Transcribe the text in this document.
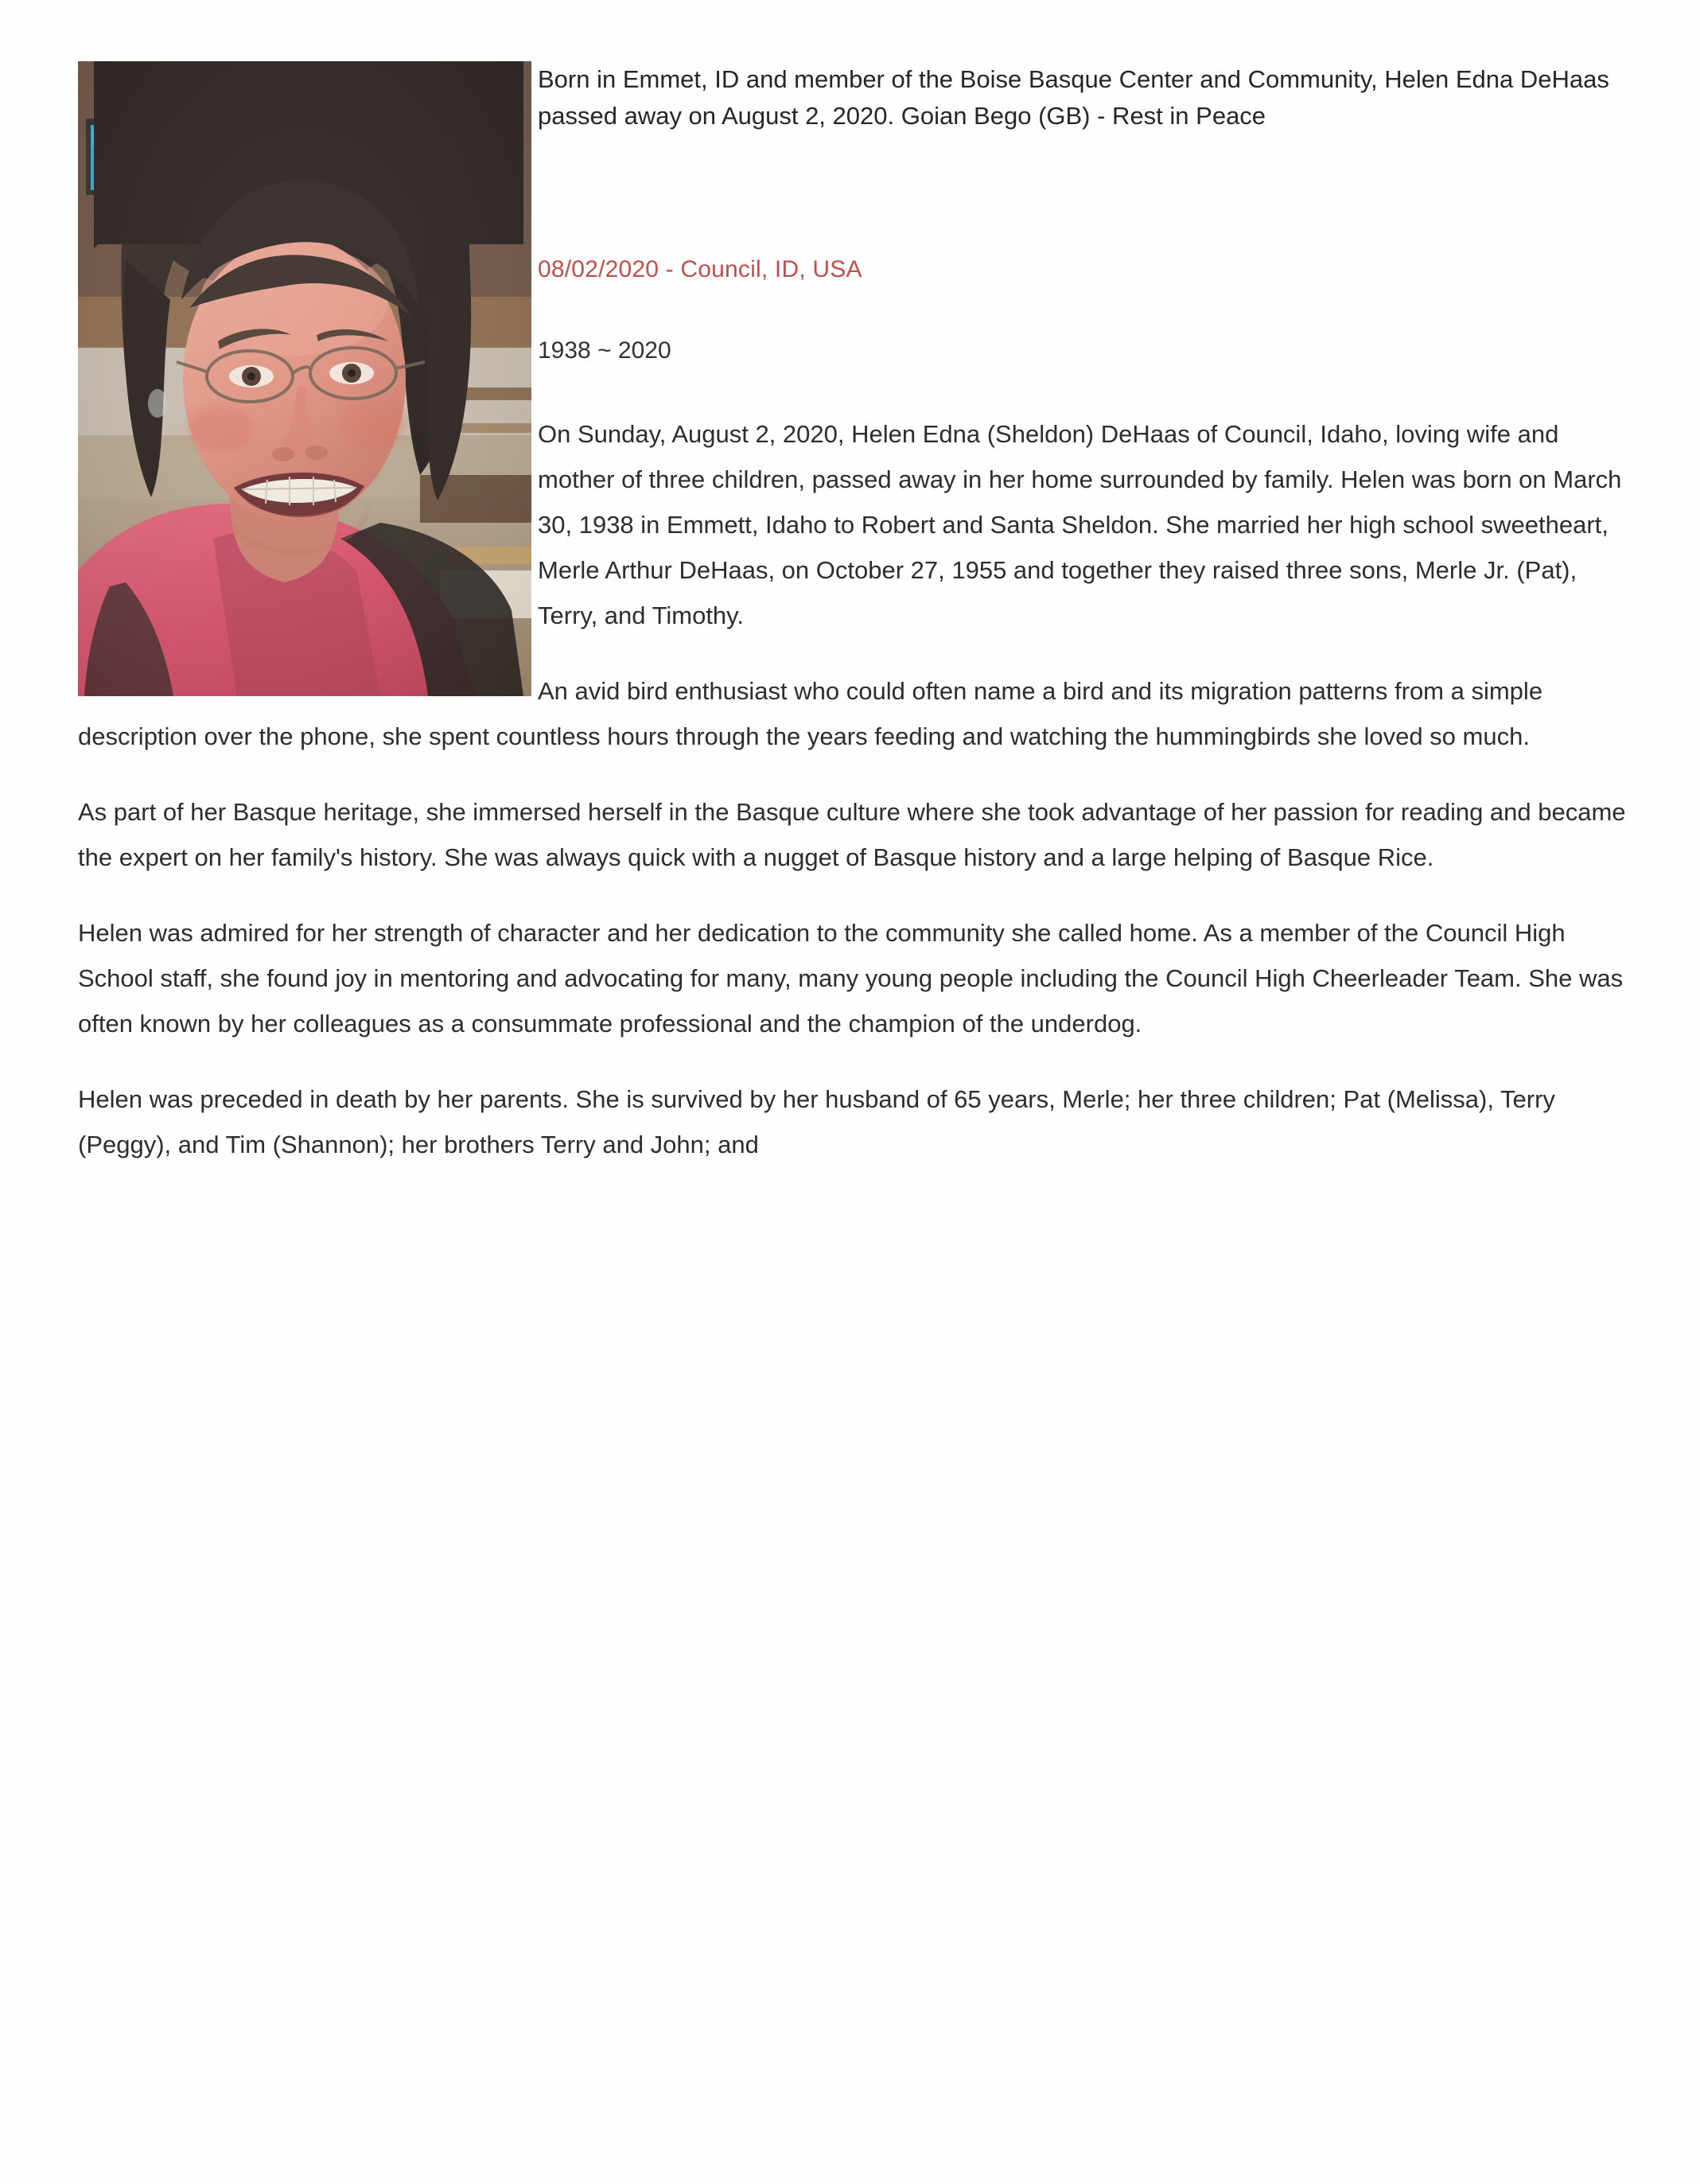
Born in Emmet, ID and member of the Boise Basque Center and Community, Helen Edna DeHaas passed away on August 2, 2020. Goian Bego (GB) - Rest in Peace

08/02/2020 - Council, ID, USA

1938 ~ 2020

On Sunday, August 2, 2020, Helen Edna (Sheldon) DeHaas of Council, Idaho, loving wife and mother of three children, passed away in her home surrounded by family. Helen was born on March 30, 1938 in Emmett, Idaho to Robert and Santa Sheldon. She married her high school sweetheart, Merle Arthur DeHaas, on October 27, 1955 and together they raised three sons, Merle Jr. (Pat), Terry, and Timothy.

An avid bird enthusiast who could often name a bird and its migration patterns from a simple description over the phone, she spent countless hours through the years feeding and watching the hummingbirds she loved so much.

As part of her Basque heritage, she immersed herself in the Basque culture where she took advantage of her passion for reading and became the expert on her family's history. She was always quick with a nugget of Basque history and a large helping of Basque Rice.

Helen was admired for her strength of character and her dedication to the community she called home. As a member of the Council High School staff, she found joy in mentoring and advocating for many, many young people including the Council High Cheerleader Team. She was often known by her colleagues as a consummate professional and the champion of the underdog.

Helen was preceded in death by her parents. She is survived by her husband of 65 years, Merle; her three children; Pat (Melissa), Terry (Peggy), and Tim (Shannon); her brothers Terry and John; and
